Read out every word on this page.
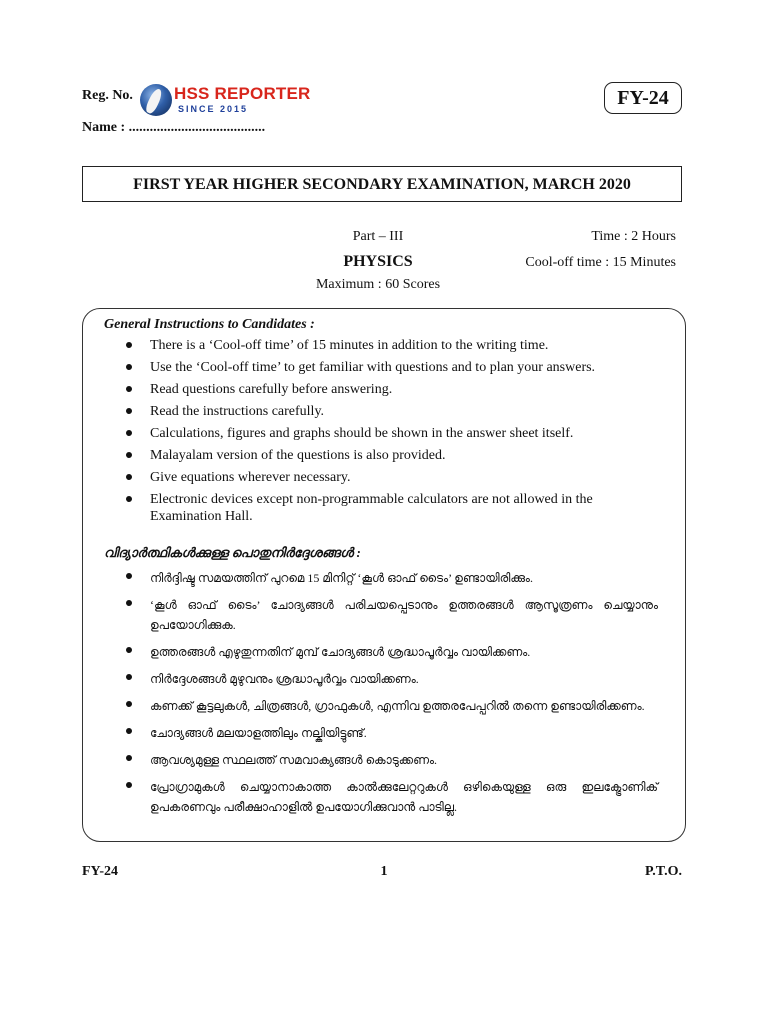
Reg. No. HSS REPORTER
SINCE 2015
Name : .......................................
FY-24
FIRST YEAR HIGHER SECONDARY EXAMINATION, MARCH 2020
Part – III
PHYSICS
Maximum : 60 Scores
Time : 2 Hours
Cool-off time : 15 Minutes
General Instructions to Candidates :
There is a ‘Cool-off time’ of 15 minutes in addition to the writing time.
Use the ‘Cool-off time’ to get familiar with questions and to plan your answers.
Read questions carefully before answering.
Read the instructions carefully.
Calculations, figures and graphs should be shown in the answer sheet itself.
Malayalam version of the questions is also provided.
Give equations wherever necessary.
Electronic devices except non-programmable calculators are not allowed in the Examination Hall.
വിദ്യാർത്ഥികൾക്കുള്ള പൊതുനിർദ്ദേശങ്ങൾ :
നിർദ്ദിഷ്ട സമയത്തിന് പുറമെ 15 മിനിറ്റ് ‘കൂൾ ഓഫ് ടൈം’ ഉണ്ടായിരിക്കും.
‘കൂൾ ഓഫ് ടൈം’ ചോദ്യങ്ങൾ പരിചയപ്പെടാനും ഉത്തരങ്ങൾ ആസൂത്രണം ചെയ്യാനും ഉപയോഗിക്കുക.
ഉത്തരങ്ങൾ എഴുതുന്നതിന് മുമ്പ് ചോദ്യങ്ങൾ ശ്രദ്ധാപൂർവ്വം വായിക്കണം.
നിർദ്ദേശങ്ങൾ മുഴുവനും ശ്രദ്ധാപൂർവ്വം വായിക്കണം.
കണക്ക് കൂട്ടലുകൾ, ചിത്രങ്ങൾ, ഗ്രാഫുകൾ, എന്നിവ ഉത്തരപേപ്പറിൽ തന്നെ ഉണ്ടായിരിക്കണം.
ചോദ്യങ്ങൾ മലയാളത്തിലും നല്കിയിട്ടുണ്ട്.
ആവശ്യമുള്ള സ്ഥലത്ത് സമവാക്യങ്ങൾ കൊടുക്കണം.
പ്രോഗ്രാമുകൾ ചെയ്യാനാകാത്ത കാൽക്കുലേറ്ററുകൾ ഒഴികെയുള്ള ഒരു ഇലക്ട്രോണിക് ഉപകരണവും പരീക്ഷാഹാളിൽ ഉപയോഗിക്കുവാൻ പാടില്ല.
FY-24	1	P.T.O.
